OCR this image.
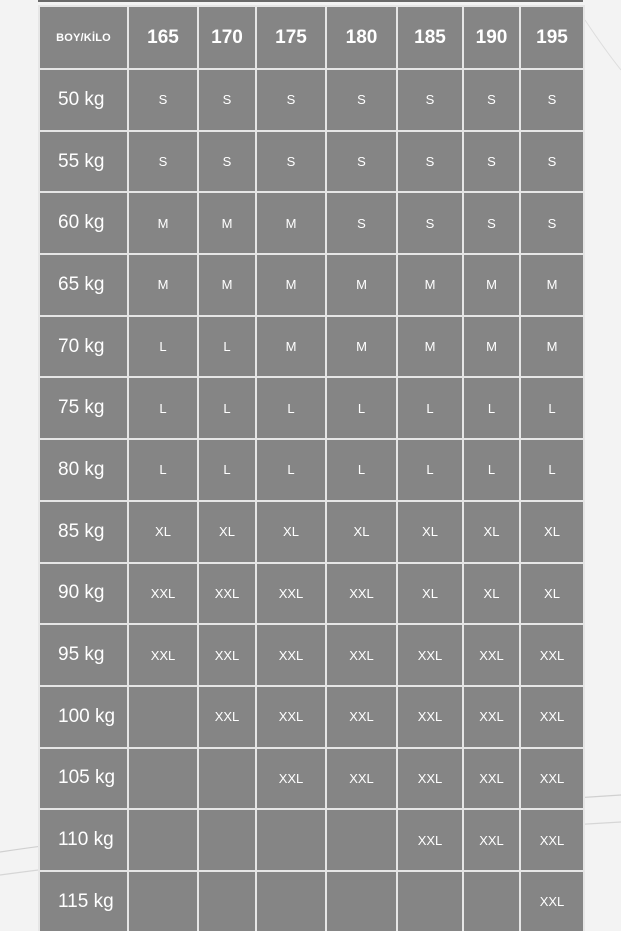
BOY/KİLO	165	170	175	180	185	190	195
50 kg	S	S	S	S	S	S	S
55 kg	S	S	S	S	S	S	S
60 kg	M	M	M	S	S	S	S
65 kg	M	M	M	M	M	M	M
70 kg	L	L	M	M	M	M	M
75 kg	L	L	L	L	L	L	L
80 kg	L	L	L	L	L	L	L
85 kg	XL	XL	XL	XL	XL	XL	XL
90 kg	XXL	XXL	XXL	XXL	XL	XL	XL
95 kg	XXL	XXL	XXL	XXL	XXL	XXL	XXL
100 kg		XXL	XXL	XXL	XXL	XXL	XXL
105 kg			XXL	XXL	XXL	XXL	XXL
110 kg					XXL	XXL	XXL
115 kg							XXL
